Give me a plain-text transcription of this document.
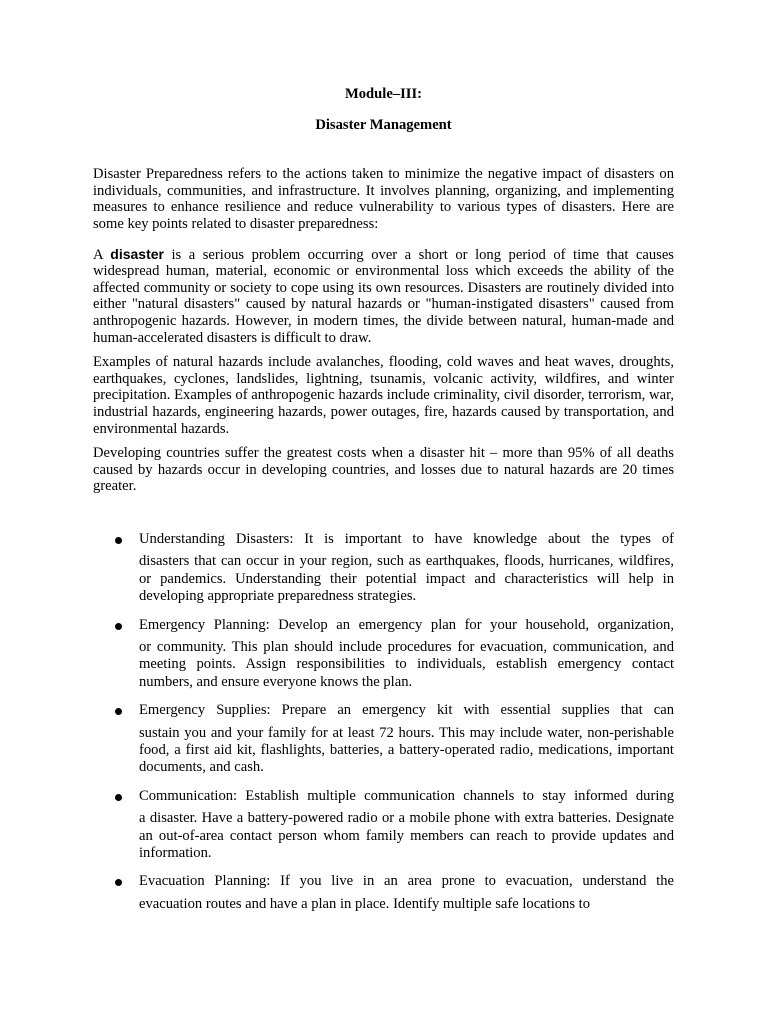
Module–III:
Disaster Management

Disaster Preparedness refers to the actions taken to minimize the negative impact of disasters on individuals, communities, and infrastructure. It involves planning, organizing, and implementing measures to enhance resilience and reduce vulnerability to various types of disasters. Here are some key points related to disaster preparedness:

A disaster is a serious problem occurring over a short or long period of time that causes widespread human, material, economic or environmental loss which exceeds the ability of the affected community or society to cope using its own resources. Disasters are routinely divided into either "natural disasters" caused by natural hazards or "human-instigated disasters" caused from anthropogenic hazards. However, in modern times, the divide between natural, human-made and human-accelerated disasters is difficult to draw.

Examples of natural hazards include avalanches, flooding, cold waves and heat waves, droughts, earthquakes, cyclones, landslides, lightning, tsunamis, volcanic activity, wildfires, and winter precipitation. Examples of anthropogenic hazards include criminality, civil disorder, terrorism, war, industrial hazards, engineering hazards, power outages, fire, hazards caused by transportation, and environmental hazards.

Developing countries suffer the greatest costs when a disaster hit – more than 95% of all deaths caused by hazards occur in developing countries, and losses due to natural hazards are 20 times greater.

Understanding Disasters: It is important to have knowledge about the types of
disasters that can occur in your region, such as earthquakes, floods, hurricanes, wildfires, or pandemics. Understanding their potential impact and characteristics will help in developing appropriate preparedness strategies.
Emergency Planning: Develop an emergency plan for your household, organization,
or community. This plan should include procedures for evacuation, communication, and meeting points. Assign responsibilities to individuals, establish emergency contact numbers, and ensure everyone knows the plan.
Emergency Supplies: Prepare an emergency kit with essential supplies that can
sustain you and your family for at least 72 hours. This may include water, non-perishable food, a first aid kit, flashlights, batteries, a battery-operated radio, medications, important documents, and cash.
Communication: Establish multiple communication channels to stay informed during
a disaster. Have a battery-powered radio or a mobile phone with extra batteries. Designate an out-of-area contact person whom family members can reach to provide updates and information.
Evacuation Planning: If you live in an area prone to evacuation, understand the
evacuation routes and have a plan in place. Identify multiple safe locations to
